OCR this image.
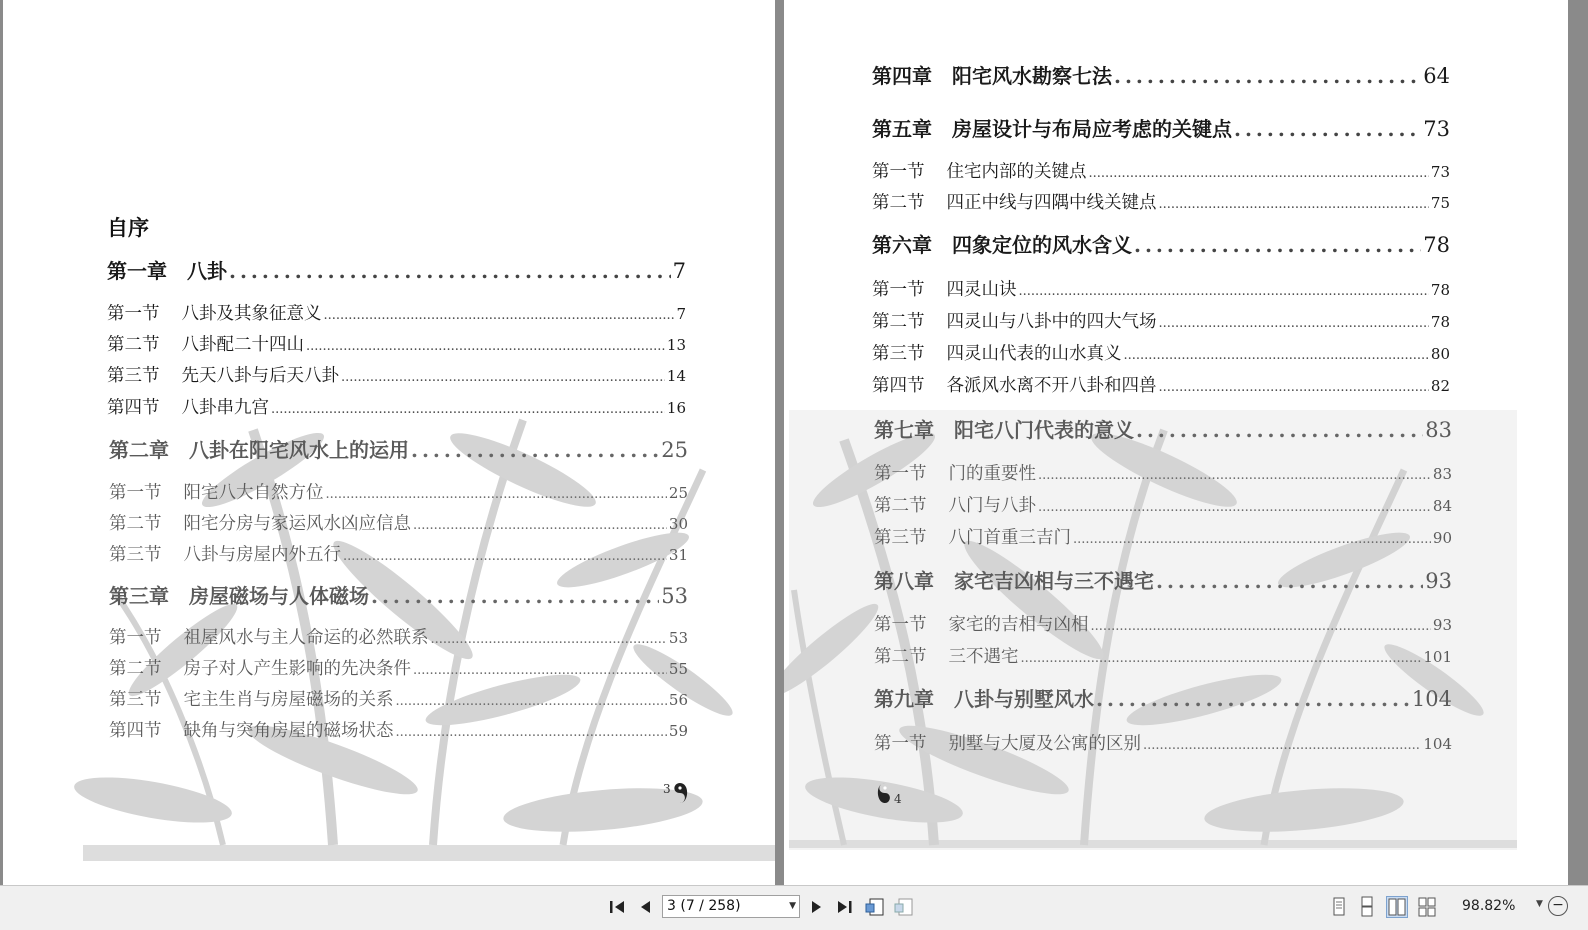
自序
第一章 八卦 .....	7
第一节 八卦及其象征意义 .....	7
第二节 八卦配二十四山 .....	13
第三节 先天八卦与后天八卦 .....	14
第四节 八卦串九宫 .....	16
第二章 八卦在阳宅风水上的运用 .....	25
第一节 阳宅八大自然方位 .....	25
第二节 阳宅分房与家运风水凶应信息 .....	30
第三节 八卦与房屋内外五行 .....	31
第三章 房屋磁场与人体磁场 .....	53
第一节 祖屋风水与主人命运的必然联系 .....	53
第二节 房子对人产生影响的先决条件 .....	55
第三节 宅主生肖与房屋磁场的关系 .....	56
第四节 缺角与突角房屋的磁场状态 .....	59
3
第四章 阳宅风水勘察七法 .....	64
第五章 房屋设计与布局应考虑的关键点 .....	73
第一节 住宅内部的关键点 .....	73
第二节 四正中线与四隅中线关键点 .....	75
第六章 四象定位的风水含义 .....	78
第一节 四灵山诀 .....	78
第二节 四灵山与八卦中的四大气场 .....	78
第三节 四灵山代表的山水真义 .....	80
第四节 各派风水离不开八卦和四兽 .....	82
第七章 阳宅八门代表的意义 .....	83
第一节 门的重要性 .....	83
第二节 八门与八卦 .....	84
第三节 八门首重三吉门 .....	90
第八章 家宅吉凶相与三不遇宅 .....	93
第一节 家宅的吉相与凶相 .....	93
第二节 三不遇宅 .....	101
第九章 八卦与别墅风水 .....	104
第一节 别墅与大厦及公寓的区别 .....	104
4
3 (7 / 258)	▼	98.82% ▼ −
